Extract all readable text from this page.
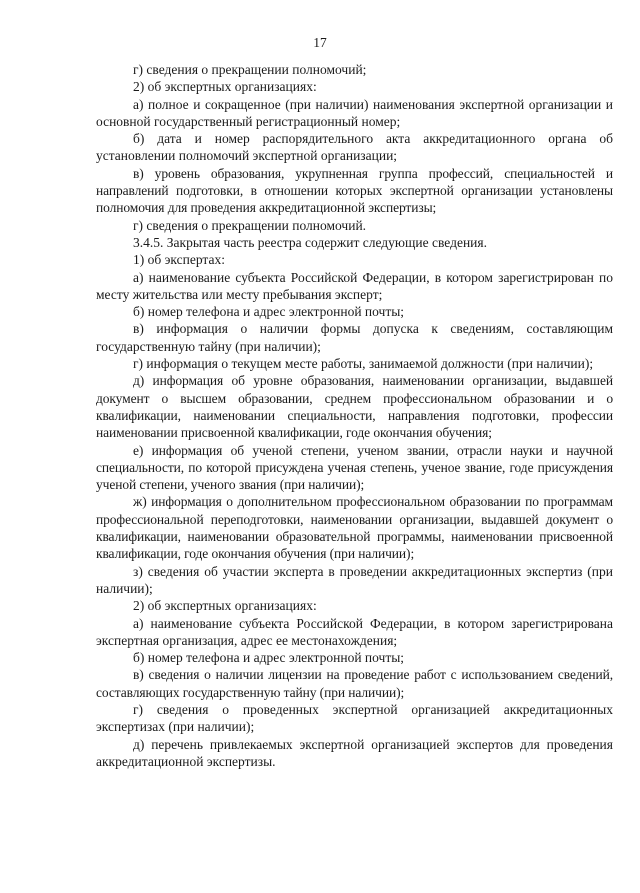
17

г) сведения о прекращении полномочий;

2) об экспертных организациях:

а) полное и сокращенное (при наличии) наименования экспертной организации и основной государственный регистрационный номер;

б) дата и номер распорядительного акта аккредитационного органа об установлении полномочий экспертной организации;

в) уровень образования, укрупненная группа профессий, специальностей и направлений подготовки, в отношении которых экспертной организации установлены полномочия для проведения аккредитационной экспертизы;

г) сведения о прекращении полномочий.

3.4.5. Закрытая часть реестра содержит следующие сведения.

1) об экспертах:

а) наименование субъекта Российской Федерации, в котором зарегистрирован по месту жительства или месту пребывания эксперт;

б) номер телефона и адрес электронной почты;

в) информация о наличии формы допуска к сведениям, составляющим государственную тайну (при наличии);

г) информация о текущем месте работы, занимаемой должности (при наличии);

д) информация об уровне образования, наименовании организации, выдавшей документ о высшем образовании, среднем профессиональном образовании и о квалификации, наименовании специальности, направления подготовки, профессии наименовании присвоенной квалификации, годе окончания обучения;

е) информация об ученой степени, ученом звании, отрасли науки и научной специальности, по которой присуждена ученая степень, ученое звание, годе присуждения ученой степени, ученого звания (при наличии);

ж) информация о дополнительном профессиональном образовании по программам профессиональной переподготовки, наименовании организации, выдавшей документ о квалификации, наименовании образовательной программы, наименовании присвоенной квалификации, годе окончания обучения (при наличии);

з) сведения об участии эксперта в проведении аккредитационных экспертиз (при наличии);

2) об экспертных организациях:

а) наименование субъекта Российской Федерации, в котором зарегистрирована экспертная организация, адрес ее местонахождения;

б) номер телефона и адрес электронной почты;

в) сведения о наличии лицензии на проведение работ с использованием сведений, составляющих государственную тайну (при наличии);

г) сведения о проведенных экспертной организацией аккредитационных экспертизах (при наличии);

д) перечень привлекаемых экспертной организацией экспертов для проведения аккредитационной экспертизы.
